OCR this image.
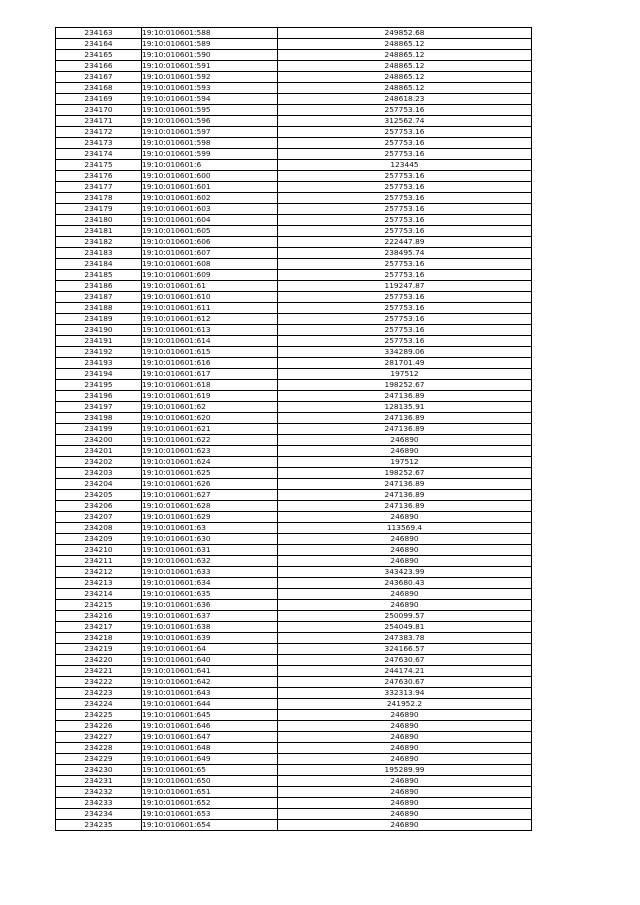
234163	19:10:010601:588	249852.68
234164	19:10:010601:589	248865.12
234165	19:10:010601:590	248865.12
234166	19:10:010601:591	248865.12
234167	19:10:010601:592	248865.12
234168	19:10:010601:593	248865.12
234169	19:10:010601:594	248618.23
234170	19:10:010601:595	257753.16
234171	19:10:010601:596	312562.74
234172	19:10:010601:597	257753.16
234173	19:10:010601:598	257753.16
234174	19:10:010601:599	257753.16
234175	19:10:010601:6	123445
234176	19:10:010601:600	257753.16
234177	19:10:010601:601	257753.16
234178	19:10:010601:602	257753.16
234179	19:10:010601:603	257753.16
234180	19:10:010601:604	257753.16
234181	19:10:010601:605	257753.16
234182	19:10:010601:606	222447.89
234183	19:10:010601:607	238495.74
234184	19:10:010601:608	257753.16
234185	19:10:010601:609	257753.16
234186	19:10:010601:61	119247.87
234187	19:10:010601:610	257753.16
234188	19:10:010601:611	257753.16
234189	19:10:010601:612	257753.16
234190	19:10:010601:613	257753.16
234191	19:10:010601:614	257753.16
234192	19:10:010601:615	334289.06
234193	19:10:010601:616	281701.49
234194	19:10:010601:617	197512
234195	19:10:010601:618	198252.67
234196	19:10:010601:619	247136.89
234197	19:10:010601:62	128135.91
234198	19:10:010601:620	247136.89
234199	19:10:010601:621	247136.89
234200	19:10:010601:622	246890
234201	19:10:010601:623	246890
234202	19:10:010601:624	197512
234203	19:10:010601:625	198252.67
234204	19:10:010601:626	247136.89
234205	19:10:010601:627	247136.89
234206	19:10:010601:628	247136.89
234207	19:10:010601:629	246890
234208	19:10:010601:63	113569.4
234209	19:10:010601:630	246890
234210	19:10:010601:631	246890
234211	19:10:010601:632	246890
234212	19:10:010601:633	343423.99
234213	19:10:010601:634	243680.43
234214	19:10:010601:635	246890
234215	19:10:010601:636	246890
234216	19:10:010601:637	250099.57
234217	19:10:010601:638	254049.81
234218	19:10:010601:639	247383.78
234219	19:10:010601:64	324166.57
234220	19:10:010601:640	247630.67
234221	19:10:010601:641	244174.21
234222	19:10:010601:642	247630.67
234223	19:10:010601:643	332313.94
234224	19:10:010601:644	241952.2
234225	19:10:010601:645	246890
234226	19:10:010601:646	246890
234227	19:10:010601:647	246890
234228	19:10:010601:648	246890
234229	19:10:010601:649	246890
234230	19:10:010601:65	195289.99
234231	19:10:010601:650	246890
234232	19:10:010601:651	246890
234233	19:10:010601:652	246890
234234	19:10:010601:653	246890
234235	19:10:010601:654	246890
